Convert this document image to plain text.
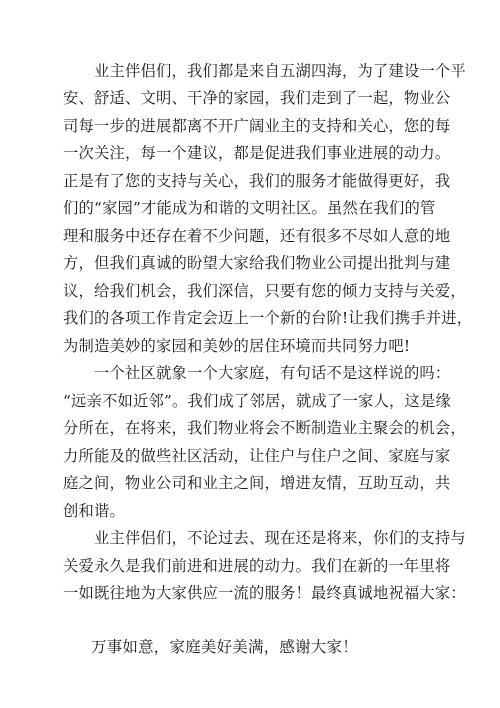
业主伴侣们，我们都是来自五湖四海，为了建设一个平

安、舒适、文明、干净的家园，我们走到了一起，物业公

司每一步的进展都离不开广阔业主的支持和关心，您的每

一次关注，每一个建议，都是促进我们事业进展的动力。

正是有了您的支持与关心，我们的服务才能做得更好，我

们的“家园”才能成为和谐的文明社区。虽然在我们的管

理和服务中还存在着不少问题，还有很多不尽如人意的地

方，但我们真诚的盼望大家给我们物业公司提出批判与建

议，给我们机会，我们深信，只要有您的倾力支持与关爱，

我们的各项工作肯定会迈上一个新的台阶!让我们携手并进，

为制造美妙的家园和美妙的居住环境而共同努力吧!

一个社区就象一个大家庭，有句话不是这样说的吗：

“远亲不如近邻”。我们成了邻居，就成了一家人，这是缘

分所在，在将来，我们物业将会不断制造业主聚会的机会，

力所能及的做些社区活动，让住户与住户之间、家庭与家

庭之间，物业公司和业主之间，增进友情，互助互动，共

创和谐。

业主伴侣们，不论过去、现在还是将来，你们的支持与

关爱永久是我们前进和进展的动力。我们在新的一年里将

一如既往地为大家供应一流的服务！最终真诚地祝福大家：

万事如意，家庭美好美满，感谢大家！
